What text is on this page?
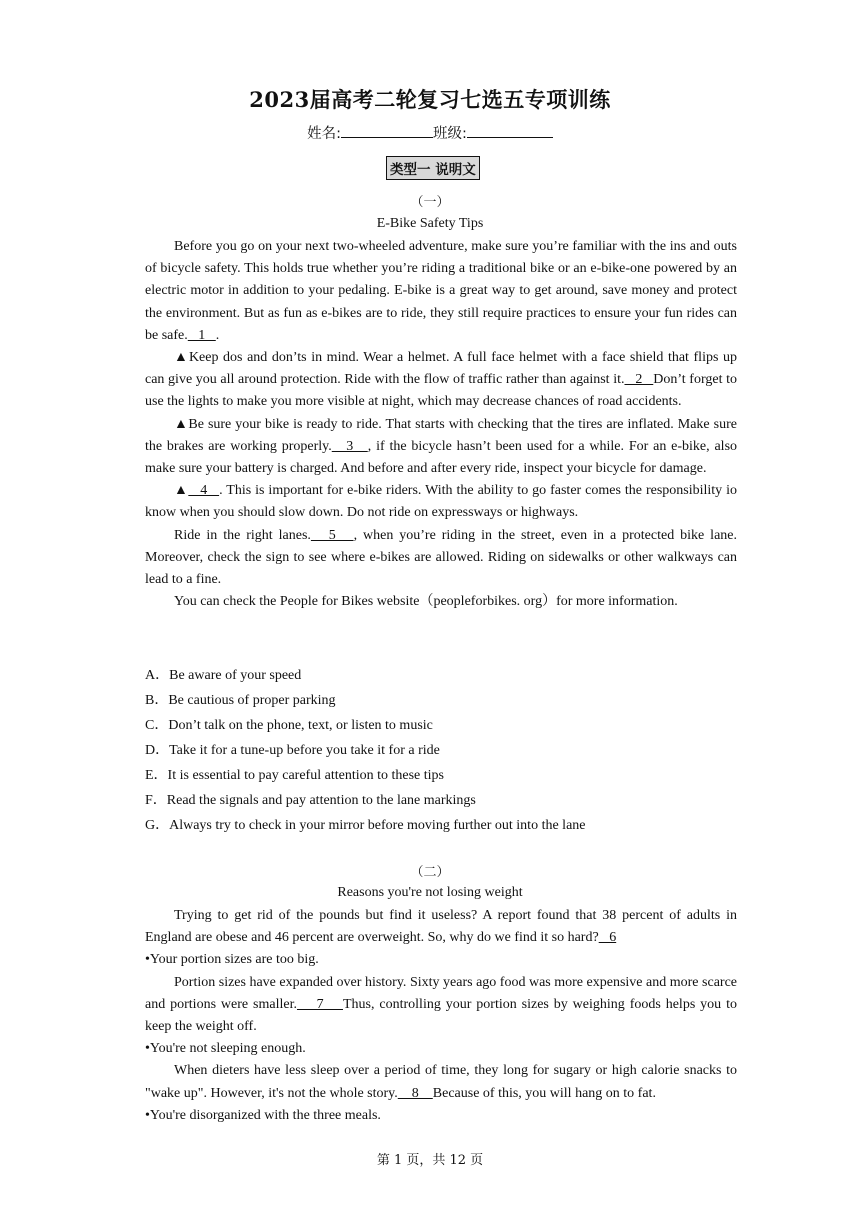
2023届高考二轮复习七选五专项训练
姓名:	班级:
类型一 说明文
（一）
E-Bike Safety Tips

Before you go on your next two-wheeled adventure, make sure you’re familiar with the ins and outs of bicycle safety. This holds true whether you’re riding a traditional bike or an e-bike-one powered by an electric motor in addition to your pedaling. E-bike is a great way to get around, save money and protect the environment. But as fun as e-bikes are to ride, they still require practices to ensure your fun rides can be safe.   1   .

▲Keep dos and don’ts in mind. Wear a helmet. A full face helmet with a face shield that flips up can give you all around protection. Ride with the flow of traffic rather than against it.   2   Don’t forget to use the lights to make you more visible at night, which may decrease chances of road accidents.

▲Be sure your bike is ready to ride. That starts with checking that the tires are inflated. Make sure the brakes are working properly.   3   , if the bicycle hasn’t been used for a while. For an e-bike, also make sure your battery is charged. And before and after every ride, inspect your bicycle for damage.

▲   4   . This is important for e-bike riders. With the ability to go faster comes the responsibility io know when you should slow down. Do not ride on expressways or highways.

Ride in the right lanes.   5   , when you’re riding in the street, even in a protected bike lane. Moreover, check the sign to see where e-bikes are allowed. Riding on sidewalks or other walkways can lead to a fine.

You can check the People for Bikes website（peopleforbikes. org）for more information.

A．Be aware of your speed
B．Be cautious of proper parking
C．Don’t talk on the phone, text, or listen to music
D．Take it for a tune-up before you take it for a ride
E．It is essential to pay careful attention to these tips
F．Read the signals and pay attention to the lane markings
G．Always try to check in your mirror before moving further out into the lane
（二）
Reasons you're not losing weight

Trying to get rid of the pounds but find it useless? A report found that 38 percent of adults in England are obese and 46 percent are overweight. So, why do we find it so hard?   6

•Your portion sizes are too big.

Portion sizes have expanded over history. Sixty years ago food was more expensive and more scarce and portions were smaller.    7    Thus, controlling your portion sizes by weighing foods helps you to keep the weight off.

•You're not sleeping enough.

When dieters have less sleep over a period of time, they long for sugary or high calorie snacks to "wake up". However, it's not the whole story.    8    Because of this, you will hang on to fat.

•You're disorganized with the three meals.

第 1 页，共 12 页
